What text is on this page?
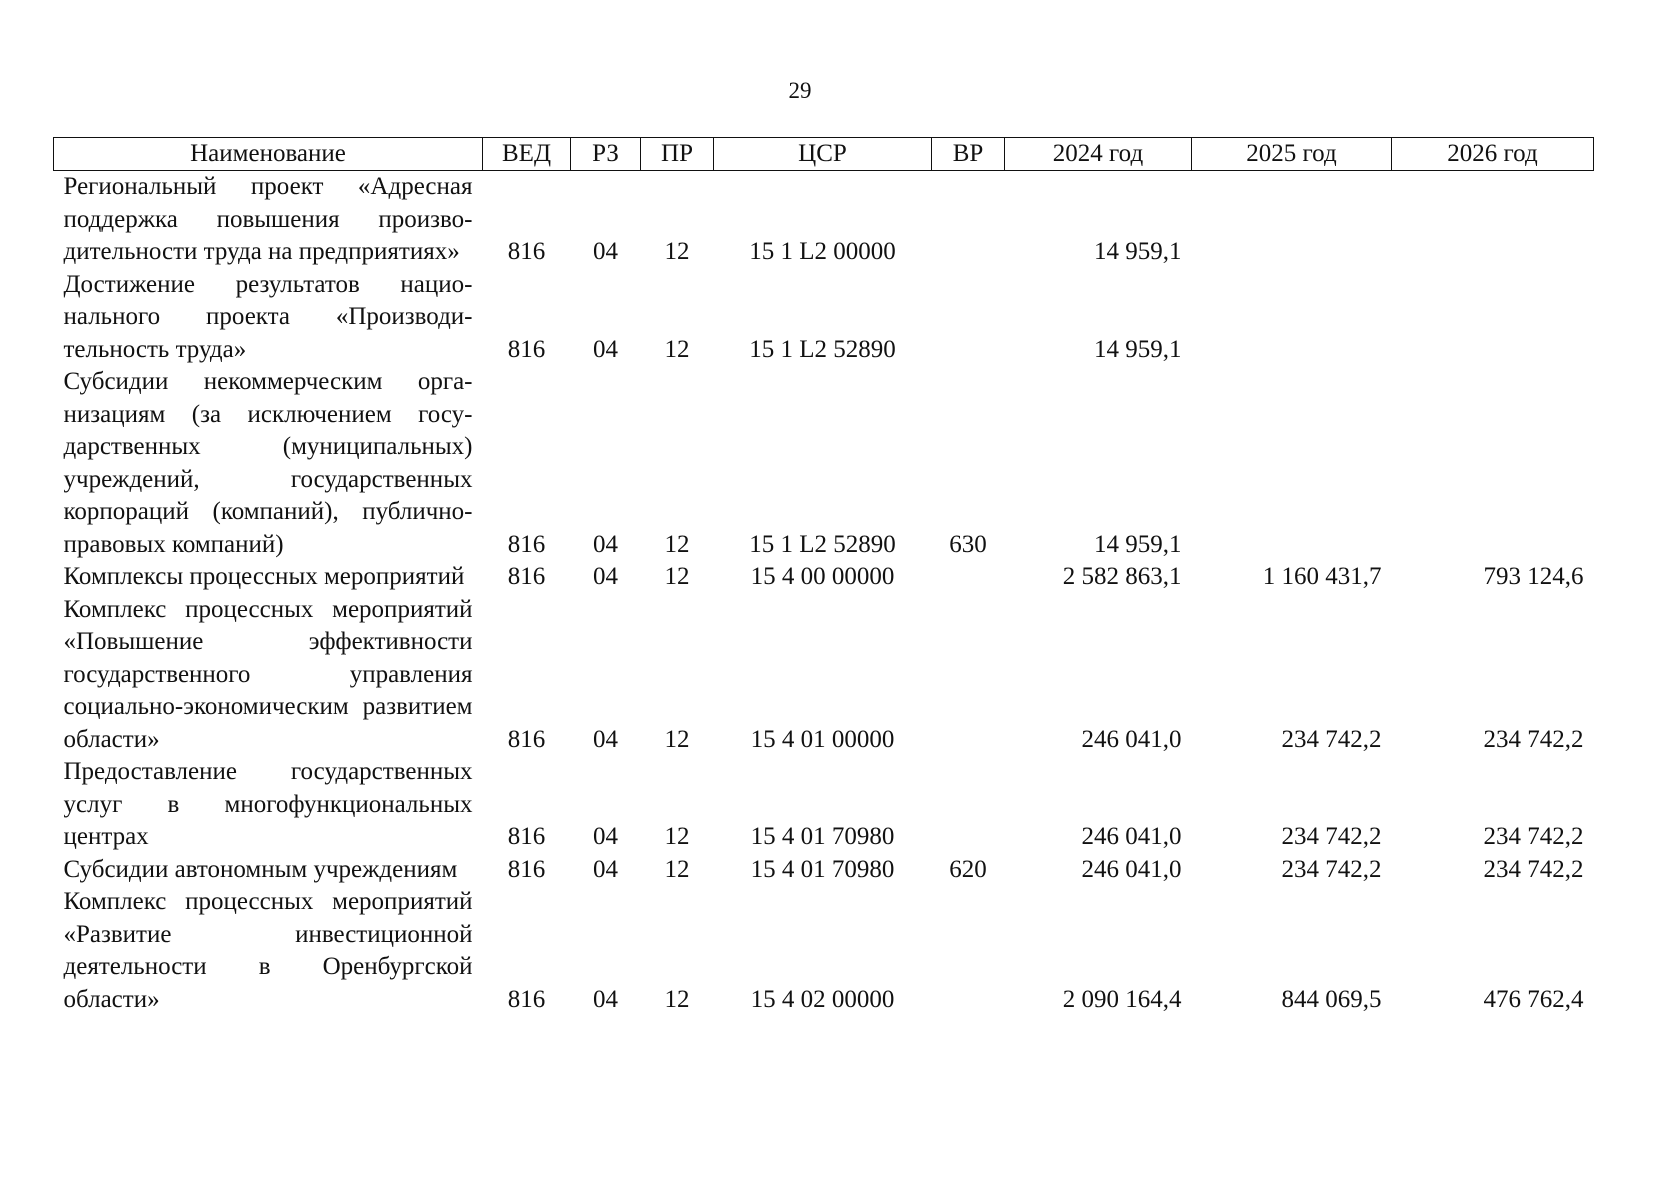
29
Наименование	ВЕД	РЗ	ПР	ЦСР	ВР	2024 год	2025 год	2026 год
Региональный проект «Адресная поддержка повышения производительности труда на предприятиях»	816	04	12	15 1 L2 00000		14 959,1		
Достижение результатов национального проекта «Производительность труда»	816	04	12	15 1 L2 52890		14 959,1		
Субсидии некоммерческим организациям (за исключением государственных (муниципальных) учреждений, государственных корпораций (компаний), публично-правовых компаний)	816	04	12	15 1 L2 52890	630	14 959,1		
Комплексы процессных мероприятий	816	04	12	15 4 00 00000		2 582 863,1	1 160 431,7	793 124,6
Комплекс процессных мероприятий «Повышение эффективности государственного управления социально-экономическим развитием области»	816	04	12	15 4 01 00000		246 041,0	234 742,2	234 742,2
Предоставление государственных услуг в многофункциональных центрах	816	04	12	15 4 01 70980		246 041,0	234 742,2	234 742,2
Субсидии автономным учреждениям	816	04	12	15 4 01 70980	620	246 041,0	234 742,2	234 742,2
Комплекс процессных мероприятий «Развитие инвестиционной деятельности в Оренбургской области»	816	04	12	15 4 02 00000		2 090 164,4	844 069,5	476 762,4
